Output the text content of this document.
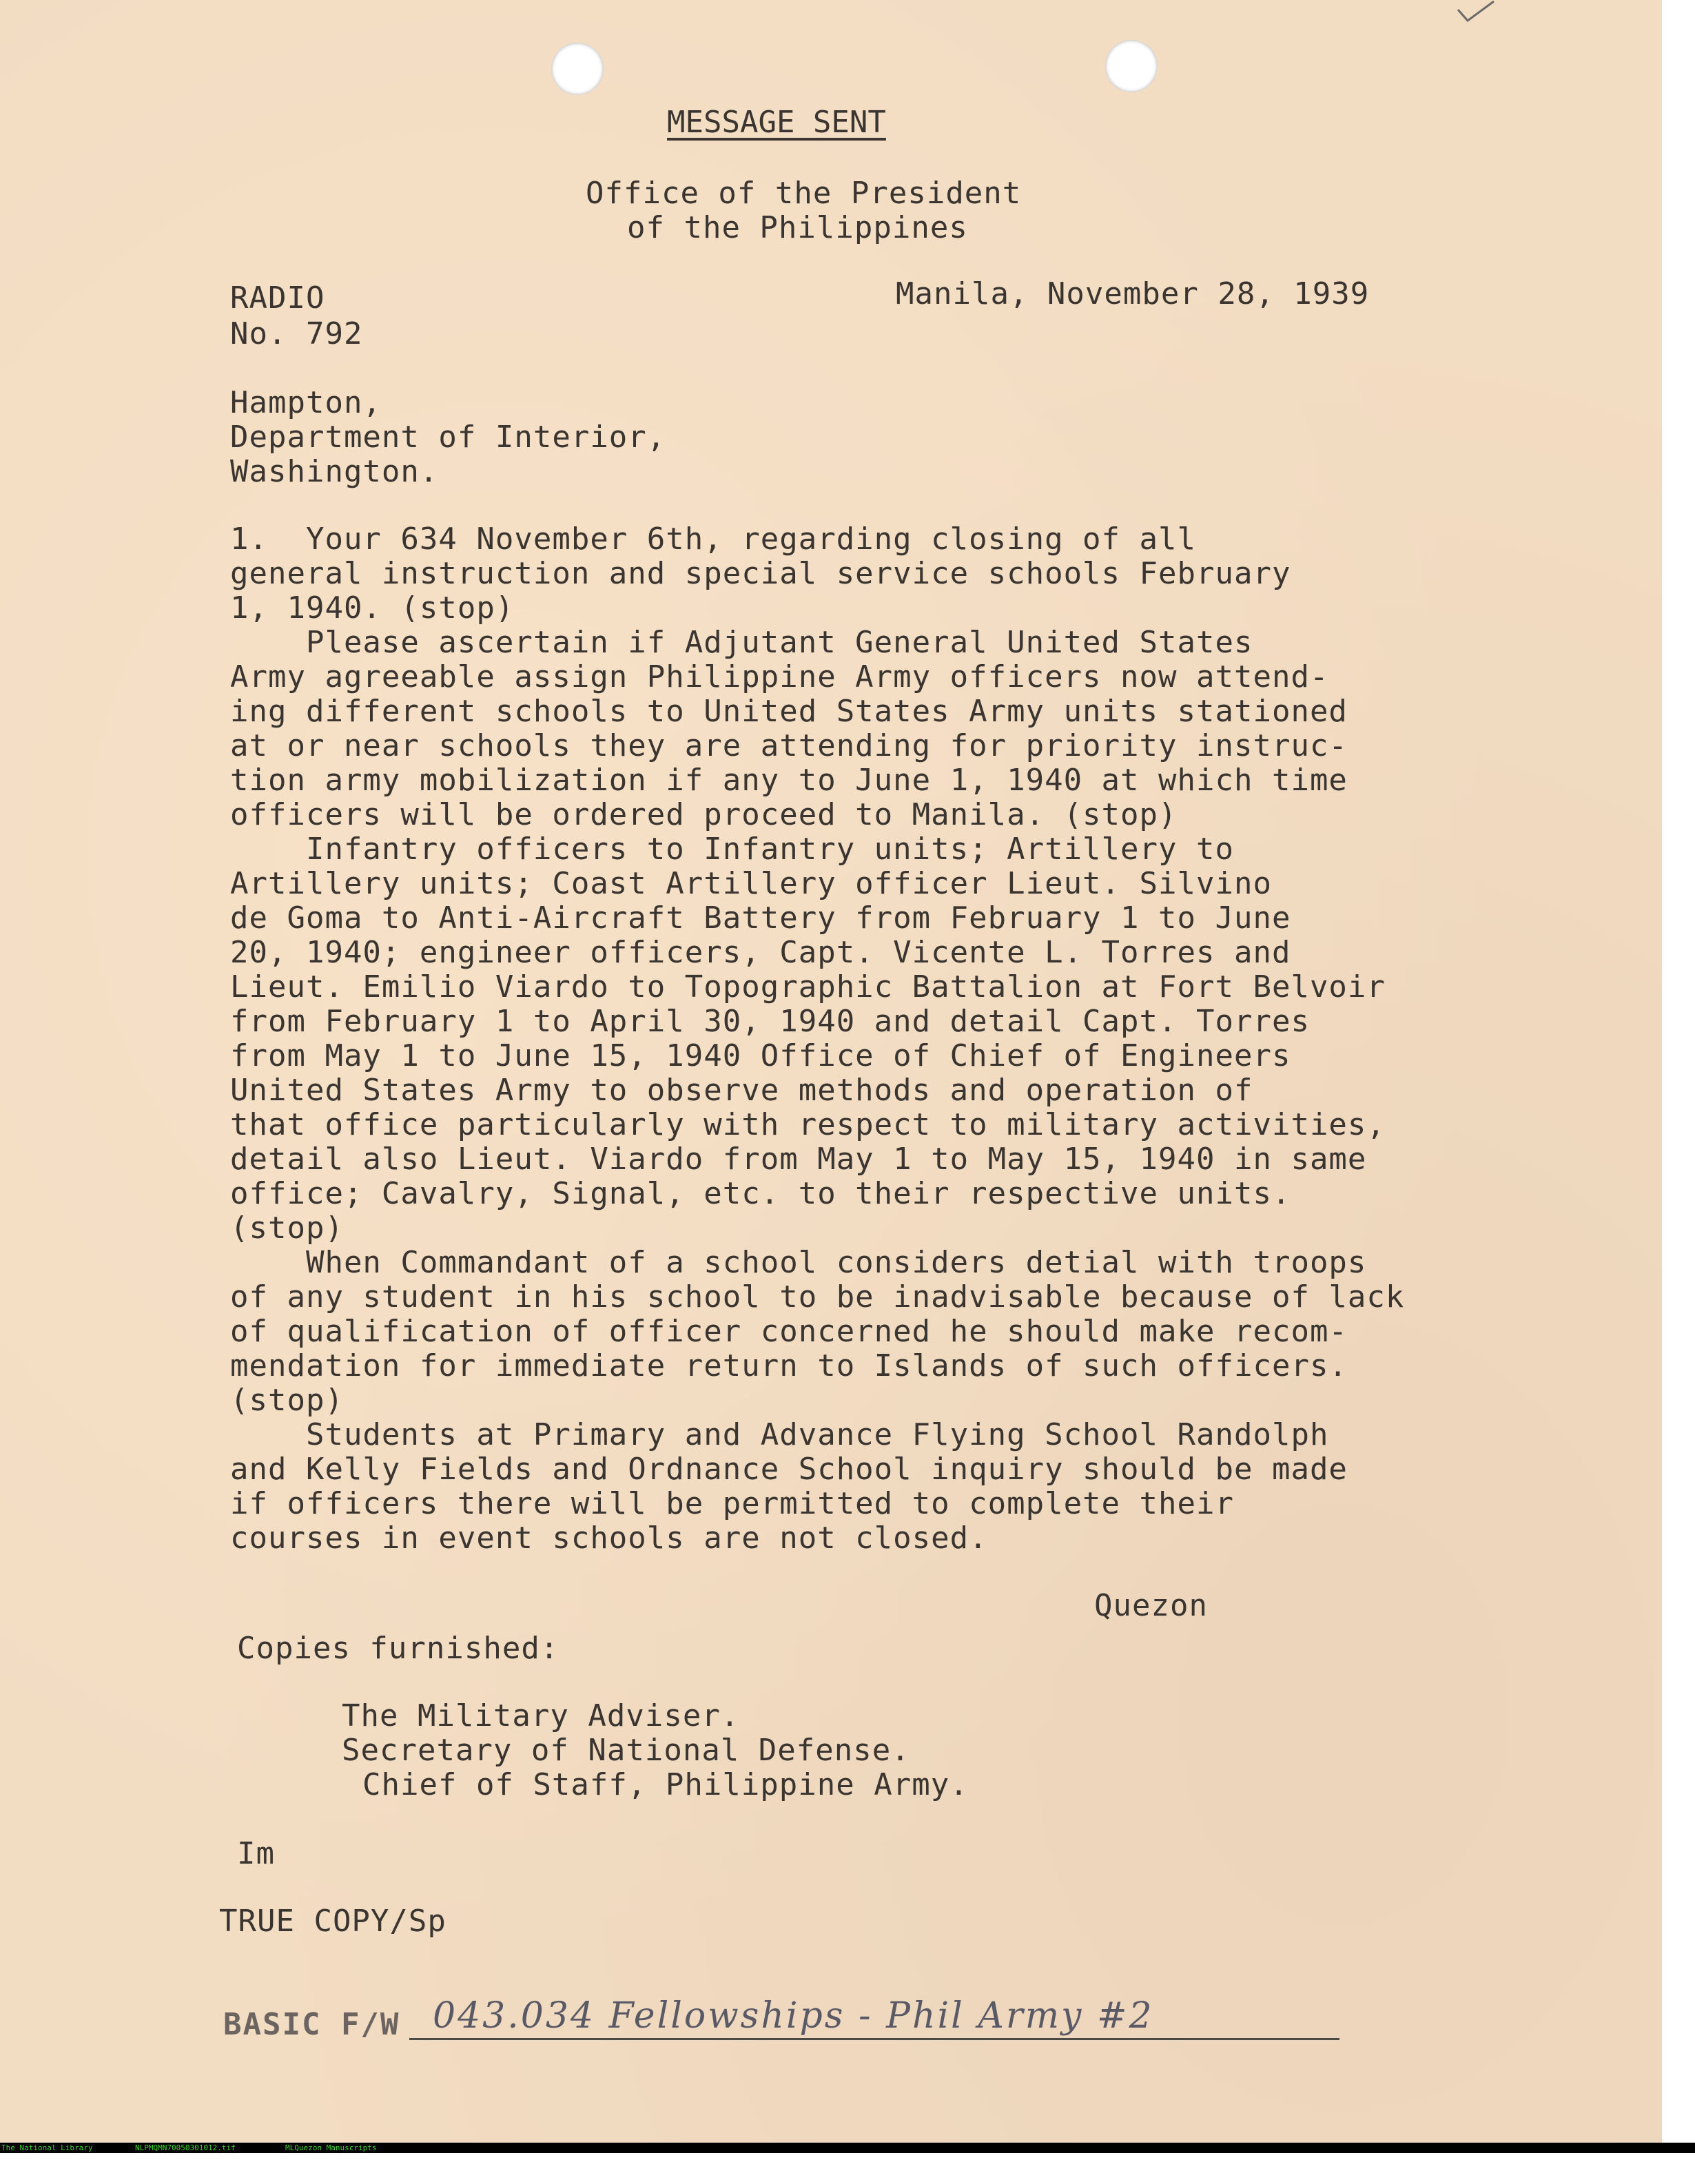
MESSAGE SENT
Office of the President
of the Philippines
RADIO	Manila, November 28, 1939
No. 792
Hampton,
Department of Interior,
Washington.
1.  Your 634 November 6th, regarding closing of all
general instruction and special service schools February
1, 1940. (stop)
Please ascertain if Adjutant General United States
Army agreeable assign Philippine Army officers now attend-
ing different schools to United States Army units stationed
at or near schools they are attending for priority instruc-
tion army mobilization if any to June 1, 1940 at which time
officers will be ordered proceed to Manila. (stop)
Infantry officers to Infantry units; Artillery to
Artillery units; Coast Artillery officer Lieut. Silvino
de Goma to Anti-Aircraft Battery from February 1 to June
20, 1940; engineer officers, Capt. Vicente L. Torres and
Lieut. Emilio Viardo to Topographic Battalion at Fort Belvoir
from February 1 to April 30, 1940 and detail Capt. Torres
from May 1 to June 15, 1940 Office of Chief of Engineers
United States Army to observe methods and operation of
that office particularly with respect to military activities,
detail also Lieut. Viardo from May 1 to May 15, 1940 in same
office; Cavalry, Signal, etc. to their respective units.
(stop)
When Commandant of a school considers detial with troops
of any student in his school to be inadvisable because of lack
of qualification of officer concerned he should make recom-
mendation for immediate return to Islands of such officers.
(stop)
Students at Primary and Advance Flying School Randolph
and Kelly Fields and Ordnance School inquiry should be made
if officers there will be permitted to complete their
courses in event schools are not closed.
Quezon
Copies furnished:
The Military Adviser.
Secretary of National Defense.
Chief of Staff, Philippine Army.
Im
TRUE COPY/Sp
BASIC F/W 043.034 Fellowships - Phil Army #2

The National Library

	NLPMQMN70050301012.tif

	MLQuezon Manuscripts
